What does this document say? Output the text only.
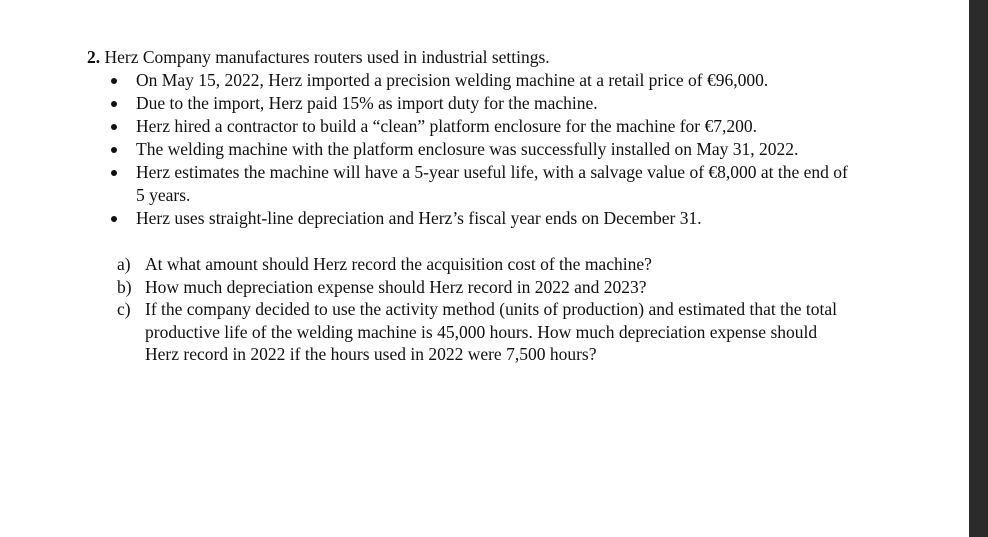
2. Herz Company manufactures routers used in industrial settings.
On May 15, 2022, Herz imported a precision welding machine at a retail price of €96,000.
Due to the import, Herz paid 15% as import duty for the machine.
Herz hired a contractor to build a “clean” platform enclosure for the machine for €7,200.
The welding machine with the platform enclosure was successfully installed on May 31, 2022.
Herz estimates the machine will have a 5-year useful life, with a salvage value of €8,000 at the end of 5 years.
Herz uses straight-line depreciation and Herz’s fiscal year ends on December 31.
a) At what amount should Herz record the acquisition cost of the machine?
b) How much depreciation expense should Herz record in 2022 and 2023?
c) If the company decided to use the activity method (units of production) and estimated that the total productive life of the welding machine is 45,000 hours. How much depreciation expense should Herz record in 2022 if the hours used in 2022 were 7,500 hours?
